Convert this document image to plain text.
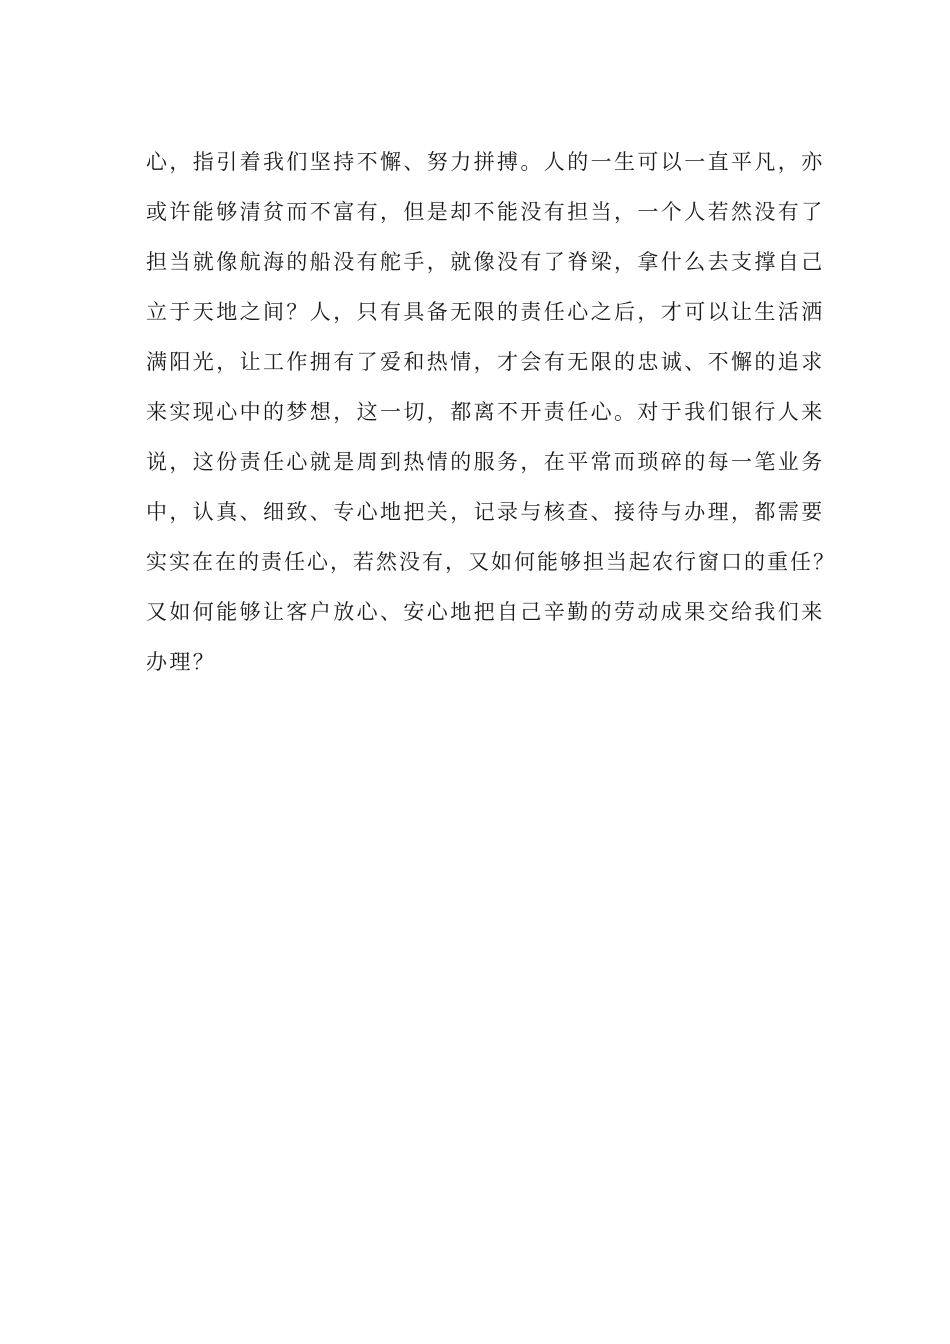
心，指引着我们坚持不懈、努力拼搏。人的一生可以一直平凡，亦
或许能够清贫而不富有，但是却不能没有担当，一个人若然没有了
担当就像航海的船没有舵手，就像没有了脊梁，拿什么去支撑自己
立于天地之间？人，只有具备无限的责任心之后，才可以让生活洒
满阳光，让工作拥有了爱和热情，才会有无限的忠诚、不懈的追求
来实现心中的梦想，这一切，都离不开责任心。对于我们银行人来
说，这份责任心就是周到热情的服务，在平常而琐碎的每一笔业务
中，认真、细致、专心地把关，记录与核查、接待与办理，都需要
实实在在的责任心，若然没有，又如何能够担当起农行窗口的重任？
又如何能够让客户放心、安心地把自己辛勤的劳动成果交给我们来
办理？
